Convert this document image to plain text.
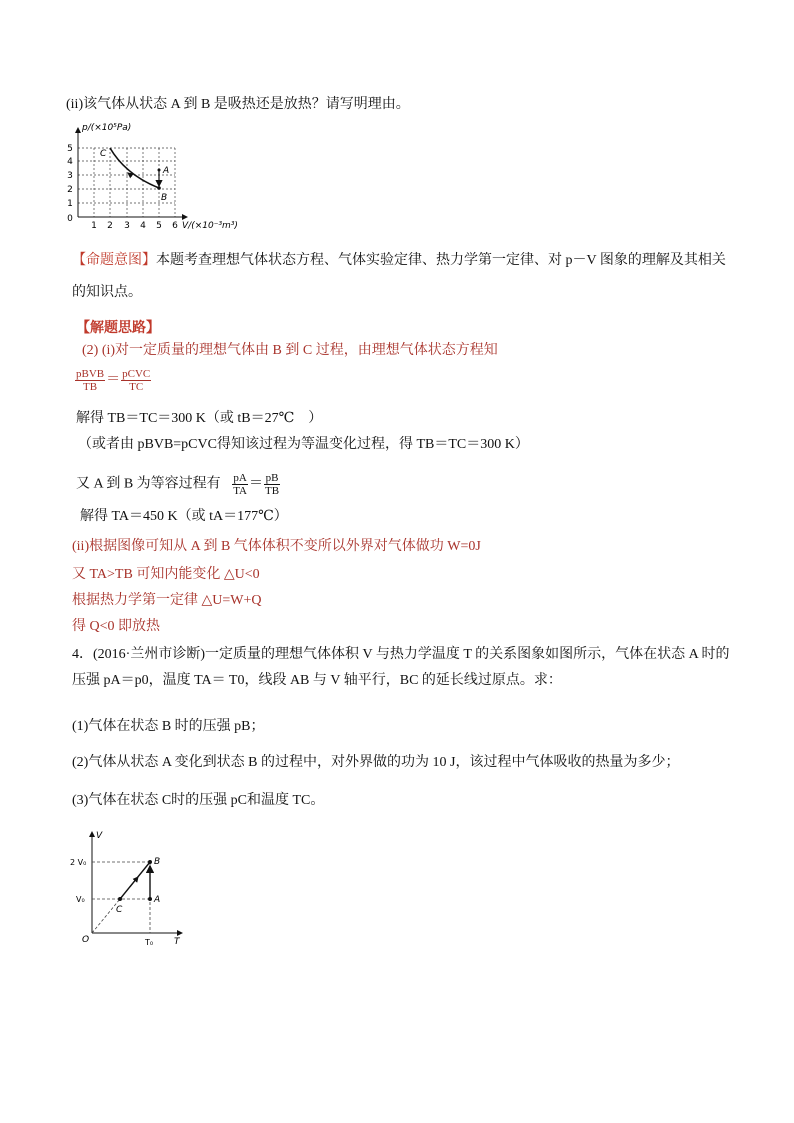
(ii)该气体从状态 A 到 B 是吸热还是放热？请写明理由。
p/(×10⁵Pa)
V/(×10⁻³m³)
5
4
3
2
1
0
1 2 3 4 5 6
C
A
B
【命题意图】本题考查理想气体状态方程、气体实验定律、热力学第一定律、对 p－V 图象的理解及其相关
的知识点。
【解题思路】
(2) (i)对一定质量的理想气体由 B 到 C 过程，由理想气体状态方程知
$\frac{\text{pBVB}}{TB} = \frac{\text{pCVC}}{TC}$
解得 TB＝TC＝300 K（或 tB＝27℃　）
（或者由 pBVB=pCVC得知该过程为等温变化过程，得 TB＝TC＝300 K）
又 A 到 B 为等容过程有 $\frac{pA}{TA} = \frac{pB}{TB}$
解得 TA＝450 K（或 tA＝177℃）
(ii)根据图像可知从 A 到 B 气体体积不变所以外界对气体做功 W=0J
又 TA>TB 可知内能变化 △U<0
根据热力学第一定律 △U=W+Q
得 Q<0 即放热
4．(2016·兰州市诊断)一定质量的理想气体体积 V 与热力学温度 T 的关系图象如图所示，气体在状态 A 时的
压强 pA＝p0，温度 TA＝ T0，线段 AB 与 V 轴平行，BC 的延长线过原点。求：
(1)气体在状态 B 时的压强 pB；
(2)气体从状态 A 变化到状态 B 的过程中，对外界做的功为 10 J，该过程中气体吸收的热量为多少；
(3)气体在状态 C时的压强 pC和温度 TC。
V
T
O
2 V₀
V₀
T₀
B
A
C
